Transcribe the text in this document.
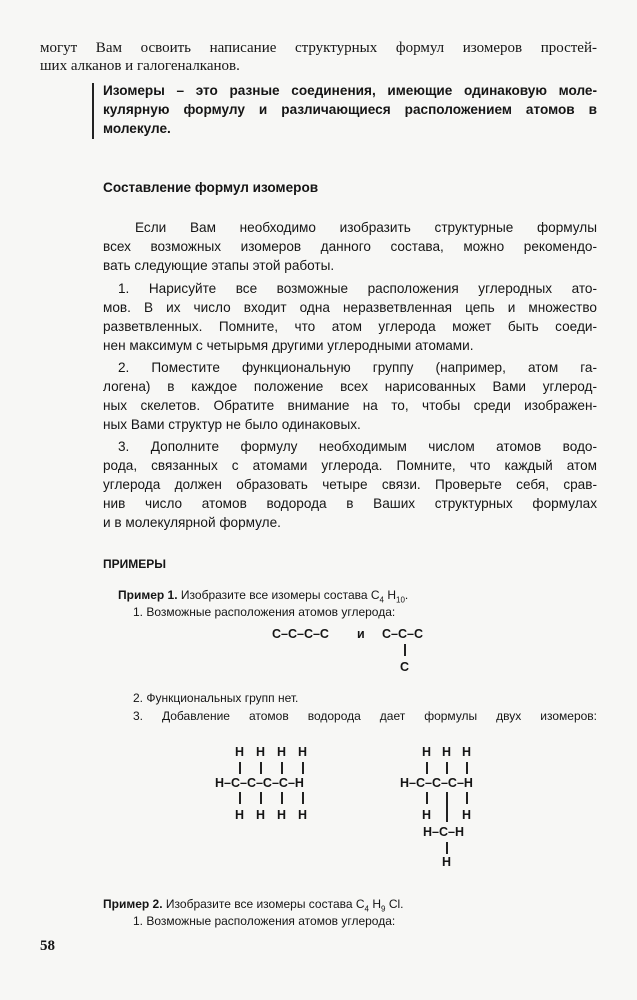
могут Вам освоить написание структурных формул изомеров простей-
ших алканов и галогеналканов.
Изомеры – это разные соединения, имеющие одинаковую моле-
кулярную формулу и различающиеся расположением атомов в
молекуле.
Составление формул изомеров
Если Вам необходимо изобразить структурные формулы
всех возможных изомеров данного состава, можно рекомендо-
вать следующие этапы этой работы.
1. Нарисуйте все возможные расположения углеродных ато-
мов. В их число входит одна неразветвленная цепь и множество
разветвленных. Помните, что атом углерода может быть соеди-
нен максимум с четырьмя другими углеродными атомами.
2. Поместите функциональную группу (например, атом га-
логена) в каждое положение всех нарисованных Вами углерод-
ных скелетов. Обратите внимание на то, чтобы среди изображен-
ных Вами структур не было одинаковых.
3. Дополните формулу необходимым числом атомов водо-
рода, связанных с атомами углерода. Помните, что каждый атом
углерода должен образовать четыре связи. Проверьте себя, срав-
нив число атомов водорода в Ваших структурных формулах
и в молекулярной формуле.
ПРИМЕРЫ
Пример 1. Изобразите все изомеры состава $C_4$ $H_{10}$.
1. Возможные расположения атомов углерода:
C–C–C–C и C–C–C
C
2. Функциональных групп нет.
3. Добавление атомов водорода дает формулы двух изомеров:
H
H
H
H
H
H
H
H
H–C–C–C–C–H
H H H
H–C–C–C–H
H H
H–C–H
H
Пример 2. Изобразите все изомеры состава $C_4$ $H_9$ Cl.
1. Возможные расположения атомов углерода:
58
